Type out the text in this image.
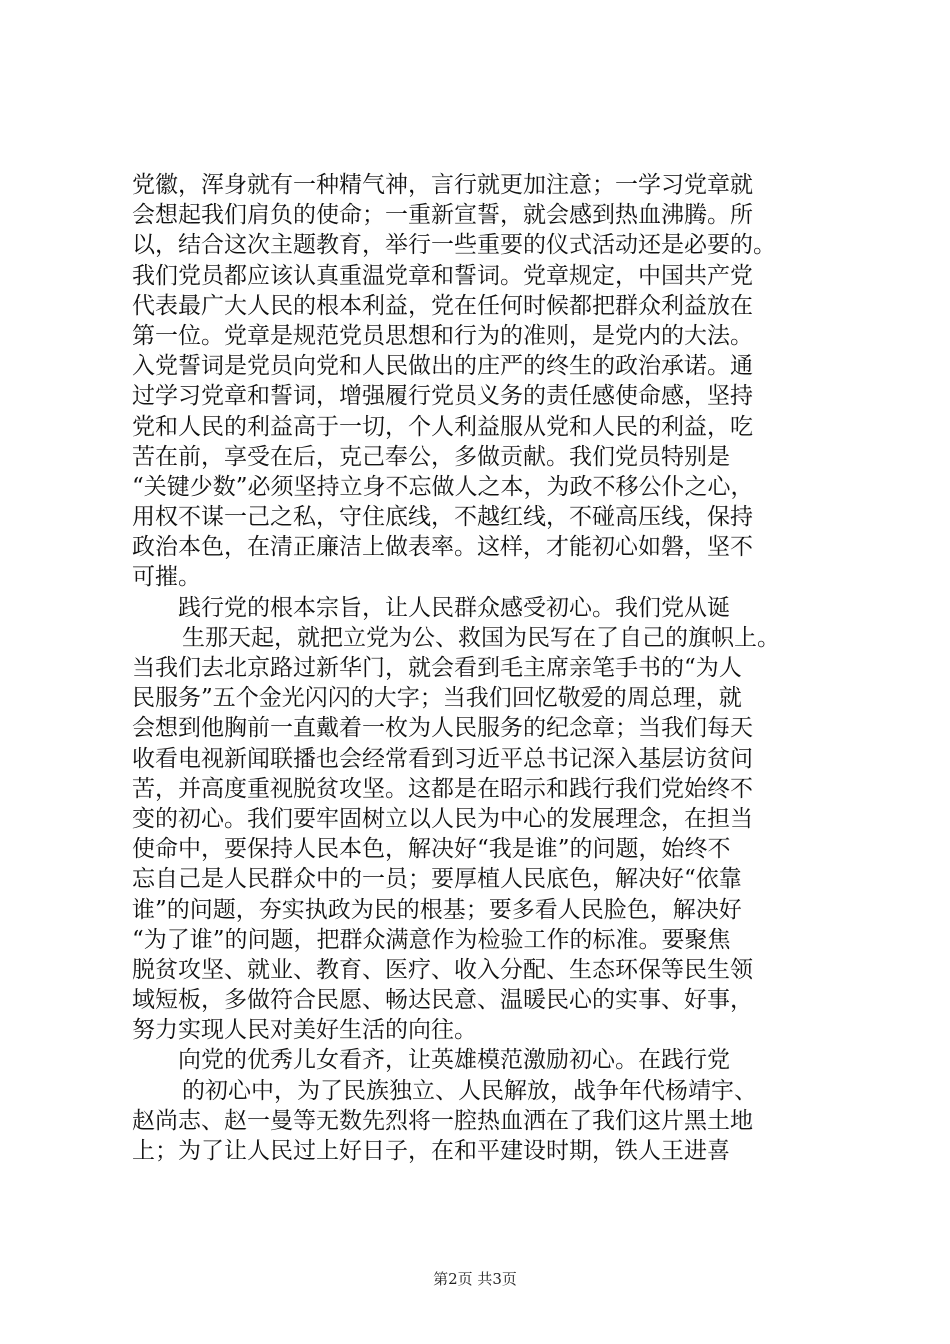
党徽，浑身就有一种精气神，言行就更加注意；一学习党章就
会想起我们肩负的使命；一重新宣誓，就会感到热血沸腾。所
以，结合这次主题教育，举行一些重要的仪式活动还是必要的。
我们党员都应该认真重温党章和誓词。党章规定，中国共产党
代表最广大人民的根本利益，党在任何时候都把群众利益放在
第一位。党章是规范党员思想和行为的准则，是党内的大法。
入党誓词是党员向党和人民做出的庄严的终生的政治承诺。通
过学习党章和誓词，增强履行党员义务的责任感使命感，坚持
党和人民的利益高于一切，个人利益服从党和人民的利益，吃
苦在前，享受在后，克己奉公，多做贡献。我们党员特别是
“关键少数”必须坚持立身不忘做人之本，为政不移公仆之心，
用权不谋一己之私，守住底线，不越红线，不碰高压线，保持
政治本色，在清正廉洁上做表率。这样，才能初心如磐，坚不
可摧。
践行党的根本宗旨，让人民群众感受初心。我们党从诞
生那天起，就把立党为公、救国为民写在了自己的旗帜上。
当我们去北京路过新华门，就会看到毛主席亲笔手书的“为人
民服务”五个金光闪闪的大字；当我们回忆敬爱的周总理，就
会想到他胸前一直戴着一枚为人民服务的纪念章；当我们每天
收看电视新闻联播也会经常看到习近平总书记深入基层访贫问
苦，并高度重视脱贫攻坚。这都是在昭示和践行我们党始终不
变的初心。我们要牢固树立以人民为中心的发展理念，在担当
使命中，要保持人民本色，解决好“我是谁”的问题，始终不
忘自己是人民群众中的一员；要厚植人民底色，解决好“依靠
谁”的问题，夯实执政为民的根基；要多看人民脸色，解决好
“为了谁”的问题，把群众满意作为检验工作的标准。要聚焦
脱贫攻坚、就业、教育、医疗、收入分配、生态环保等民生领
域短板，多做符合民愿、畅达民意、温暖民心的实事、好事，
努力实现人民对美好生活的向往。
向党的优秀儿女看齐，让英雄模范激励初心。在践行党
的初心中，为了民族独立、人民解放，战争年代杨靖宇、
赵尚志、赵一曼等无数先烈将一腔热血洒在了我们这片黑土地
上；为了让人民过上好日子，在和平建设时期，铁人王进喜
第2页 共3页
